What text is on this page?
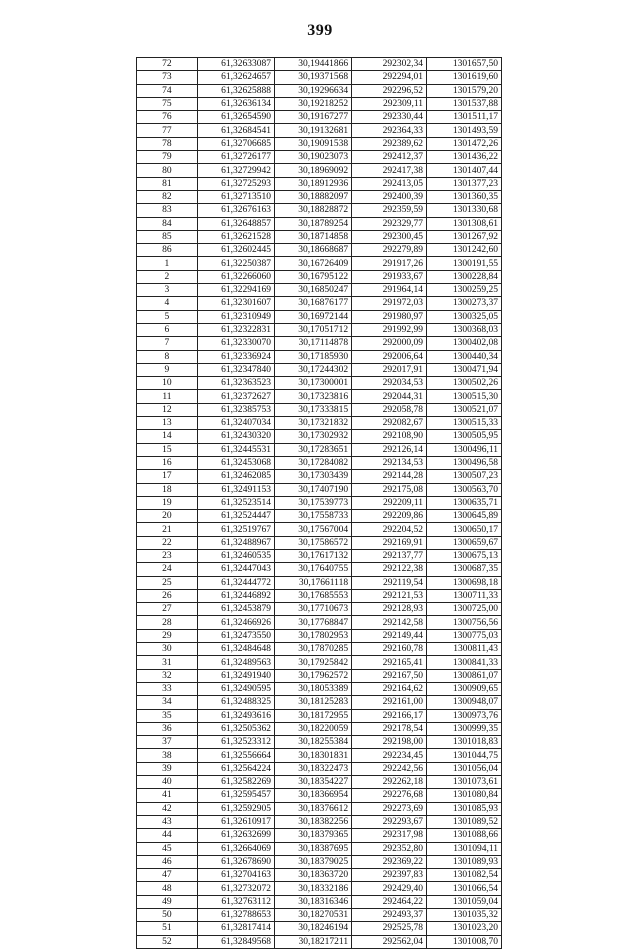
399
72	61,32633087	30,19441866	292302,34	1301657,50
73	61,32624657	30,19371568	292294,01	1301619,60
74	61,32625888	30,19296634	292296,52	1301579,20
75	61,32636134	30,19218252	292309,11	1301537,88
76	61,32654590	30,19167277	292330,44	1301511,17
77	61,32684541	30,19132681	292364,33	1301493,59
78	61,32706685	30,19091538	292389,62	1301472,26
79	61,32726177	30,19023073	292412,37	1301436,22
80	61,32729942	30,18969092	292417,38	1301407,44
81	61,32725293	30,18912936	292413,05	1301377,23
82	61,32713510	30,18882097	292400,39	1301360,35
83	61,32676163	30,18828872	292359,59	1301330,68
84	61,32648857	30,18789254	292329,77	1301308,61
85	61,32621528	30,18714858	292300,45	1301267,92
86	61,32602445	30,18668687	292279,89	1301242,60
1	61,32250387	30,16726409	291917,26	1300191,55
2	61,32266060	30,16795122	291933,67	1300228,84
3	61,32294169	30,16850247	291964,14	1300259,25
4	61,32301607	30,16876177	291972,03	1300273,37
5	61,32310949	30,16972144	291980,97	1300325,05
6	61,32322831	30,17051712	291992,99	1300368,03
7	61,32330070	30,17114878	292000,09	1300402,08
8	61,32336924	30,17185930	292006,64	1300440,34
9	61,32347840	30,17244302	292017,91	1300471,94
10	61,32363523	30,17300001	292034,53	1300502,26
11	61,32372627	30,17323816	292044,31	1300515,30
12	61,32385753	30,17333815	292058,78	1300521,07
13	61,32407034	30,17321832	292082,67	1300515,33
14	61,32430320	30,17302932	292108,90	1300505,95
15	61,32445531	30,17283651	292126,14	1300496,11
16	61,32453068	30,17284082	292134,53	1300496,58
17	61,32462085	30,17303439	292144,28	1300507,23
18	61,32491153	30,17407190	292175,08	1300563,70
19	61,32523514	30,17539773	292209,11	1300635,71
20	61,32524447	30,17558733	292209,86	1300645,89
21	61,32519767	30,17567004	292204,52	1300650,17
22	61,32488967	30,17586572	292169,91	1300659,67
23	61,32460535	30,17617132	292137,77	1300675,13
24	61,32447043	30,17640755	292122,38	1300687,35
25	61,32444772	30,17661118	292119,54	1300698,18
26	61,32446892	30,17685553	292121,53	1300711,33
27	61,32453879	30,17710673	292128,93	1300725,00
28	61,32466926	30,17768847	292142,58	1300756,56
29	61,32473550	30,17802953	292149,44	1300775,03
30	61,32484648	30,17870285	292160,78	1300811,43
31	61,32489563	30,17925842	292165,41	1300841,33
32	61,32491940	30,17962572	292167,50	1300861,07
33	61,32490595	30,18053389	292164,62	1300909,65
34	61,32488325	30,18125283	292161,00	1300948,07
35	61,32493616	30,18172955	292166,17	1300973,76
36	61,32505362	30,18220059	292178,54	1300999,35
37	61,32523312	30,18255384	292198,00	1301018,83
38	61,32556664	30,18301831	292234,45	1301044,75
39	61,32564224	30,18322473	292242,56	1301056,04
40	61,32582269	30,18354227	292262,18	1301073,61
41	61,32595457	30,18366954	292276,68	1301080,84
42	61,32592905	30,18376612	292273,69	1301085,93
43	61,32610917	30,18382256	292293,67	1301089,52
44	61,32632699	30,18379365	292317,98	1301088,66
45	61,32664069	30,18387695	292352,80	1301094,11
46	61,32678690	30,18379025	292369,22	1301089,93
47	61,32704163	30,18363720	292397,83	1301082,54
48	61,32732072	30,18332186	292429,40	1301066,54
49	61,32763112	30,18316346	292464,22	1301059,04
50	61,32788653	30,18270531	292493,37	1301035,32
51	61,32817414	30,18246194	292525,78	1301023,20
52	61,32849568	30,18217211	292562,04	1301008,70
